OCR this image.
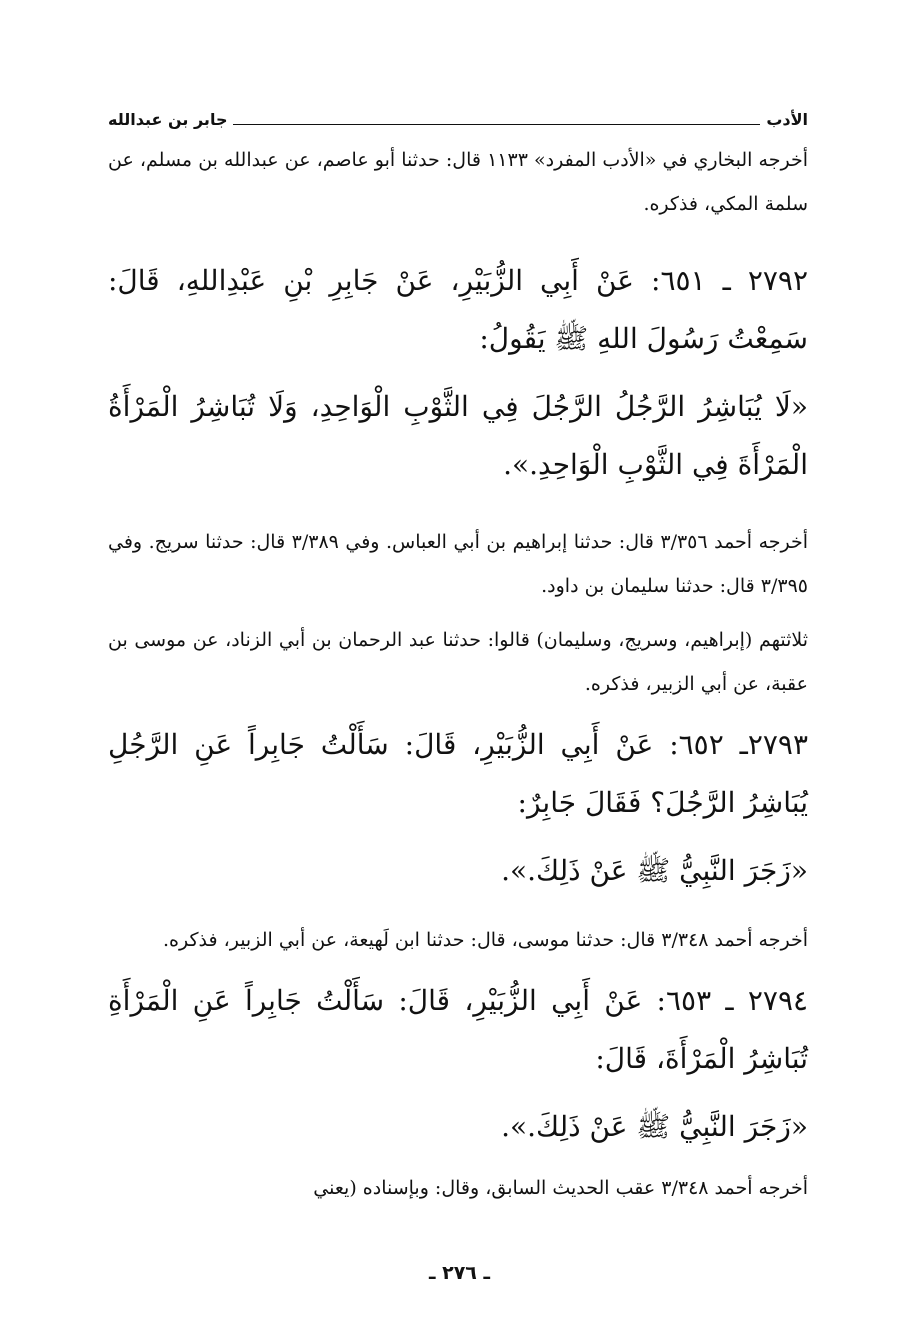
الأدب
جابر بن عبدالله

أخرجه البخاري في «الأدب المفرد» ١١٣٣ قال: حدثنا أبو عاصم، عن عبدالله بن مسلم، عن سلمة المكي، فذكره.

٢٧٩٢ ـ ٦٥١: عَنْ أَبِي الزُّبَيْرِ، عَنْ جَابِرِ بْنِ عَبْدِاللهِ، قَالَ: سَمِعْتُ رَسُولَ اللهِ ﷺ يَقُولُ:

«لَا يُبَاشِرُ الرَّجُلُ الرَّجُلَ فِي الثَّوْبِ الْوَاحِدِ، وَلَا تُبَاشِرُ الْمَرْأَةُ الْمَرْأَةَ فِي الثَّوْبِ الْوَاحِدِ.».

أخرجه أحمد ٣/٣٥٦ قال: حدثنا إبراهيم بن أبي العباس. وفي ٣/٣٨٩ قال: حدثنا سريج. وفي ٣/٣٩٥ قال: حدثنا سليمان بن داود.

ثلاثتهم (إبراهيم، وسريج، وسليمان) قالوا: حدثنا عبد الرحمان بن أبي الزناد، عن موسى بن عقبة، عن أبي الزبير، فذكره.

٢٧٩٣ـ ٦٥٢: عَنْ أَبِي الزُّبَيْرِ، قَالَ: سَأَلْتُ جَابِراً عَنِ الرَّجُلِ يُبَاشِرُ الرَّجُلَ؟ فَقَالَ جَابِرٌ:

«زَجَرَ النَّبِيُّ ﷺ عَنْ ذَلِكَ.».

أخرجه أحمد ٣/٣٤٨ قال: حدثنا موسى، قال: حدثنا ابن لَهيعة، عن أبي الزبير، فذكره.

٢٧٩٤ ـ ٦٥٣: عَنْ أَبِي الزُّبَيْرِ، قَالَ: سَأَلْتُ جَابِراً عَنِ الْمَرْأَةِ تُبَاشِرُ الْمَرْأَةَ، قَالَ:

«زَجَرَ النَّبِيُّ ﷺ عَنْ ذَلِكَ.».

أخرجه أحمد ٣/٣٤٨ عقب الحديث السابق، وقال: وبإسناده (يعني

ـ ٢٧٦ ـ
